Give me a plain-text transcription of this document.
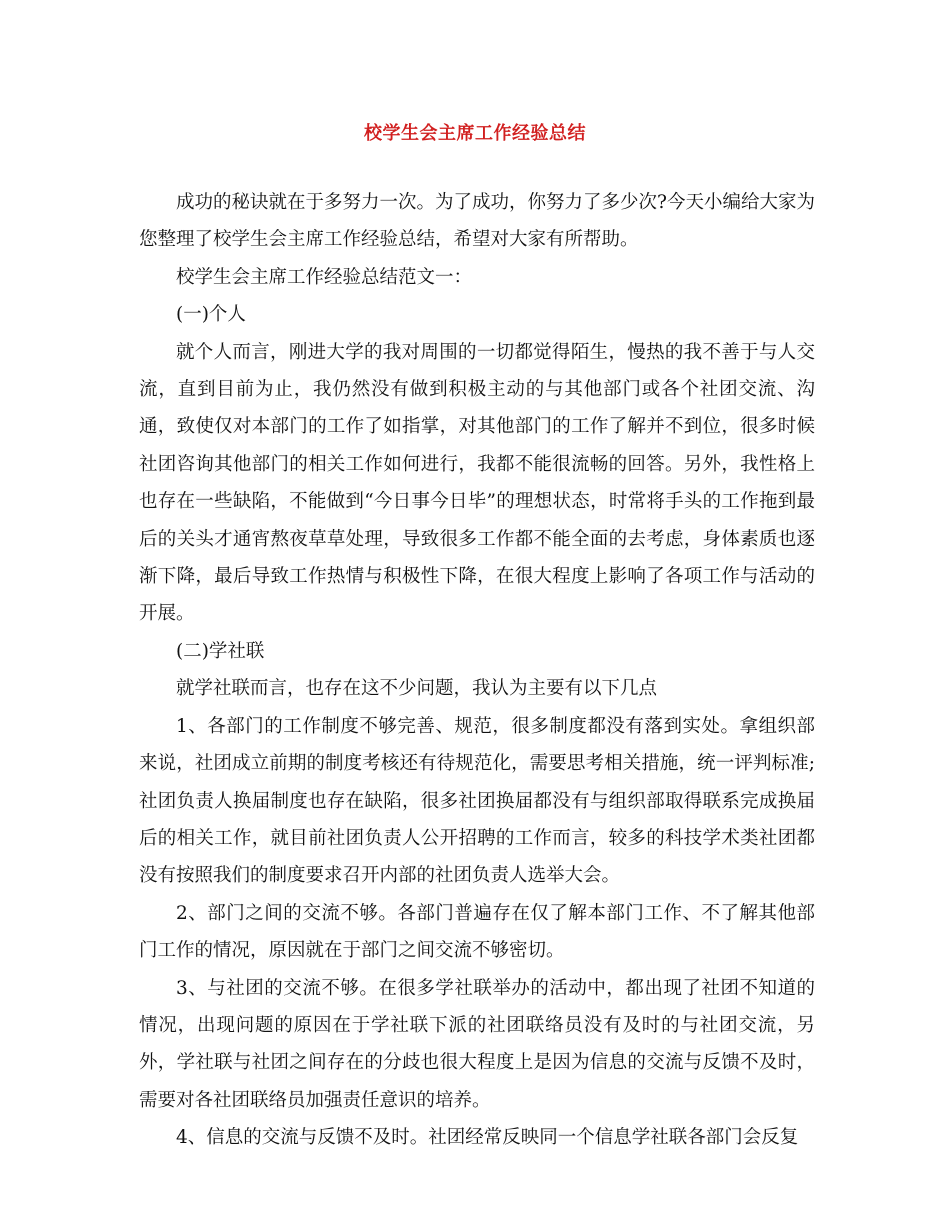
校学生会主席工作经验总结

成功的秘诀就在于多努力一次。为了成功，你努力了多少次?今天小编给大家为您整理了校学生会主席工作经验总结，希望对大家有所帮助。

校学生会主席工作经验总结范文一：

(一)个人

就个人而言，刚进大学的我对周围的一切都觉得陌生，慢热的我不善于与人交流，直到目前为止，我仍然没有做到积极主动的与其他部门或各个社团交流、沟通，致使仅对本部门的工作了如指掌，对其他部门的工作了解并不到位，很多时候社团咨询其他部门的相关工作如何进行，我都不能很流畅的回答。另外，我性格上也存在一些缺陷，不能做到“今日事今日毕”的理想状态，时常将手头的工作拖到最后的关头才通宵熬夜草草处理，导致很多工作都不能全面的去考虑，身体素质也逐渐下降，最后导致工作热情与积极性下降，在很大程度上影响了各项工作与活动的开展。

(二)学社联

就学社联而言，也存在这不少问题，我认为主要有以下几点

1、各部门的工作制度不够完善、规范，很多制度都没有落到实处。拿组织部来说，社团成立前期的制度考核还有待规范化，需要思考相关措施，统一评判标准;社团负责人换届制度也存在缺陷，很多社团换届都没有与组织部取得联系完成换届后的相关工作，就目前社团负责人公开招聘的工作而言，较多的科技学术类社团都没有按照我们的制度要求召开内部的社团负责人选举大会。

2、部门之间的交流不够。各部门普遍存在仅了解本部门工作、不了解其他部门工作的情况，原因就在于部门之间交流不够密切。

3、与社团的交流不够。在很多学社联举办的活动中，都出现了社团不知道的情况，出现问题的原因在于学社联下派的社团联络员没有及时的与社团交流，另外，学社联与社团之间存在的分歧也很大程度上是因为信息的交流与反馈不及时，需要对各社团联络员加强责任意识的培养。

4、信息的交流与反馈不及时。社团经常反映同一个信息学社联各部门会反复
